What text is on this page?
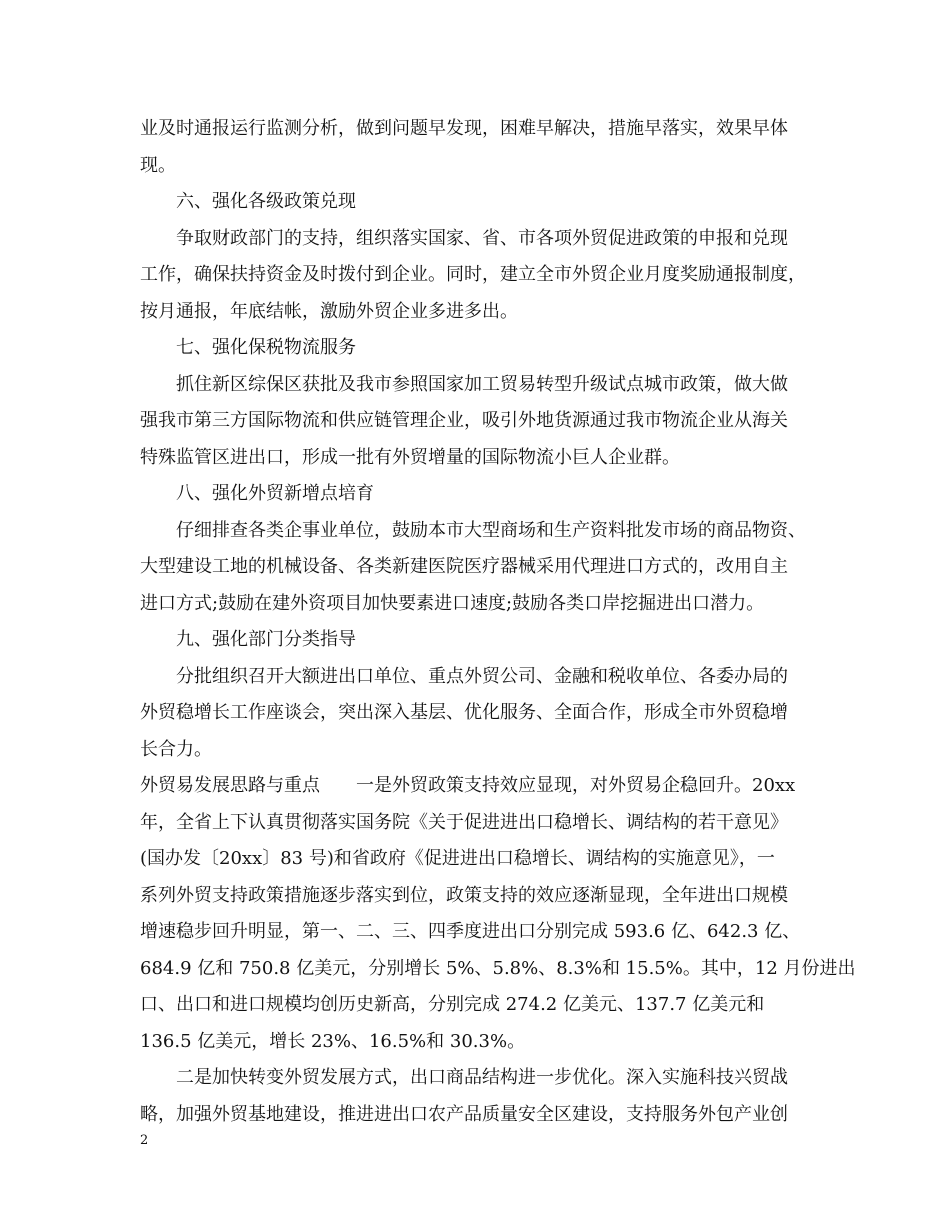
业及时通报运行监测分析，做到问题早发现，困难早解决，措施早落实，效果早体
现。
　　六、强化各级政策兑现
　　争取财政部门的支持，组织落实国家、省、市各项外贸促进政策的申报和兑现
工作，确保扶持资金及时拨付到企业。同时，建立全市外贸企业月度奖励通报制度，
按月通报，年底结帐，激励外贸企业多进多出。
　　七、强化保税物流服务
　　抓住新区综保区获批及我市参照国家加工贸易转型升级试点城市政策，做大做
强我市第三方国际物流和供应链管理企业，吸引外地货源通过我市物流企业从海关
特殊监管区进出口，形成一批有外贸增量的国际物流小巨人企业群。
　　八、强化外贸新增点培育
　　仔细排查各类企事业单位，鼓励本市大型商场和生产资料批发市场的商品物资、
大型建设工地的机械设备、各类新建医院医疗器械采用代理进口方式的，改用自主
进口方式;鼓励在建外资项目加快要素进口速度;鼓励各类口岸挖掘进出口潜力。
　　九、强化部门分类指导
　　分批组织召开大额进出口单位、重点外贸公司、金融和税收单位、各委办局的
外贸稳增长工作座谈会，突出深入基层、优化服务、全面合作，形成全市外贸稳增
长合力。
外贸易发展思路与重点　　一是外贸政策支持效应显现，对外贸易企稳回升。20xx
年，全省上下认真贯彻落实国务院《关于促进进出口稳增长、调结构的若干意见》
(国办发〔20xx〕83 号)和省政府《促进进出口稳增长、调结构的实施意见》，一
系列外贸支持政策措施逐步落实到位，政策支持的效应逐渐显现，全年进出口规模
增速稳步回升明显，第一、二、三、四季度进出口分别完成 593.6 亿、642.3 亿、
684.9 亿和 750.8 亿美元，分别增长 5%、5.8%、8.3%和 15.5%。其中，12 月份进出
口、出口和进口规模均创历史新高，分别完成 274.2 亿美元、137.7 亿美元和
136.5 亿美元，增长 23%、16.5%和 30.3%。
　　二是加快转变外贸发展方式，出口商品结构进一步优化。深入实施科技兴贸战
略，加强外贸基地建设，推进进出口农产品质量安全区建设，支持服务外包产业创
2
